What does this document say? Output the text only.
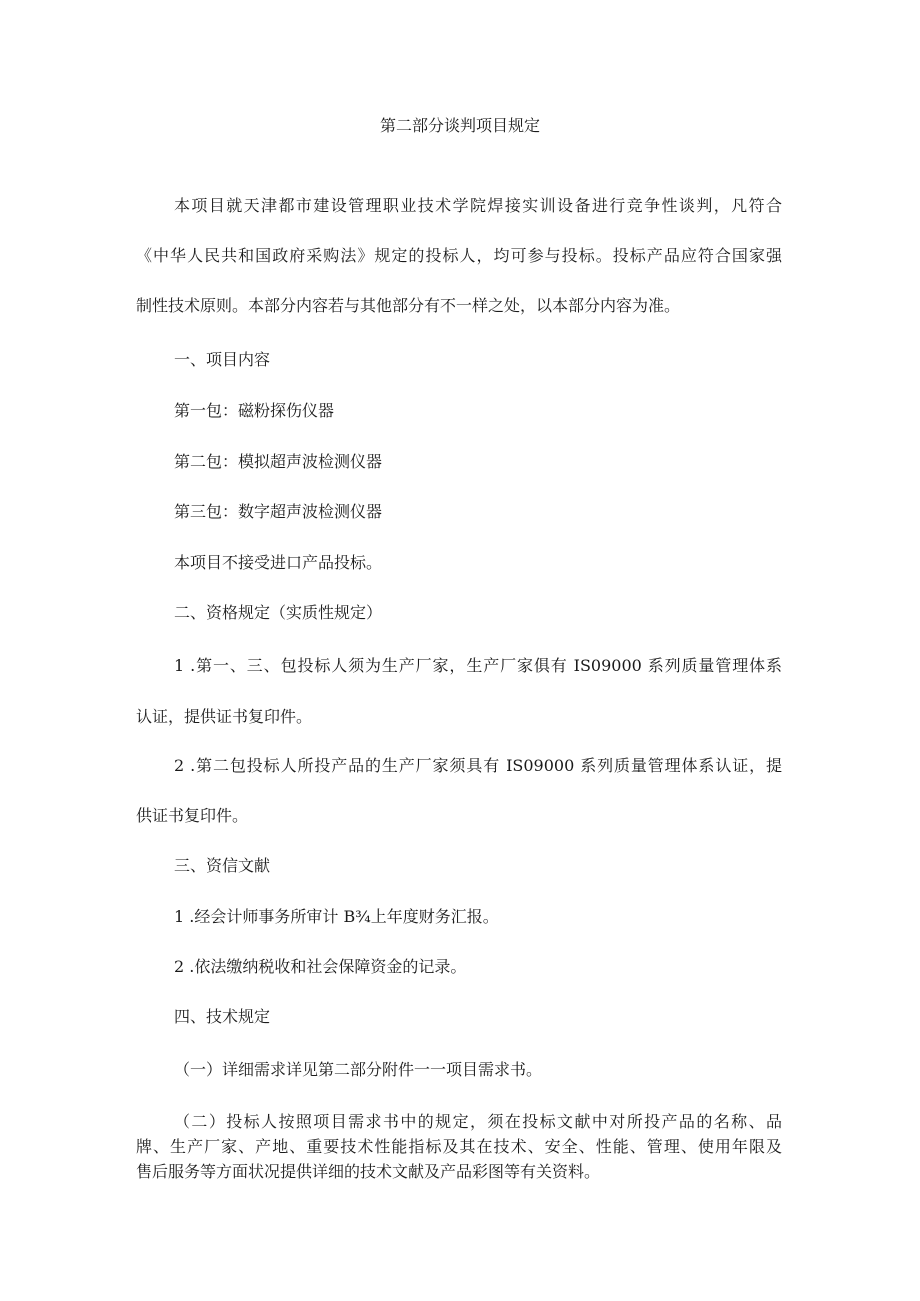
第二部分谈判项目规定
本项目就天津都市建设管理职业技术学院焊接实训设备进行竞争性谈判，凡符合
《中华人民共和国政府采购法》规定的投标人，均可参与投标。投标产品应符合国家强
制性技术原则。本部分内容若与其他部分有不一样之处，以本部分内容为准。
一、项目内容
第一包：磁粉探伤仪器
第二包：模拟超声波检测仪器
第三包：数字超声波检测仪器
本项目不接受进口产品投标。
二、资格规定（实质性规定）
1 .第一、三、包投标人须为生产厂家，生产厂家俱有 IS09000 系列质量管理体系
认证，提供证书复印件。
2 .第二包投标人所投产品的生产厂家须具有 IS09000 系列质量管理体系认证，提
供证书复印件。
三、资信文献
1 .经会计师事务所审计 B¾上年度财务汇报。
2 .依法缴纳税收和社会保障资金的记录。
四、技术规定
（一）详细需求详见第二部分附件一一项目需求书。
（二）投标人按照项目需求书中的规定，须在投标文献中对所投产品的名称、品
牌、生产厂家、产地、重要技术性能指标及其在技术、安全、性能、管理、使用年限及
售后服务等方面状况提供详细的技术文献及产品彩图等有关资料。
